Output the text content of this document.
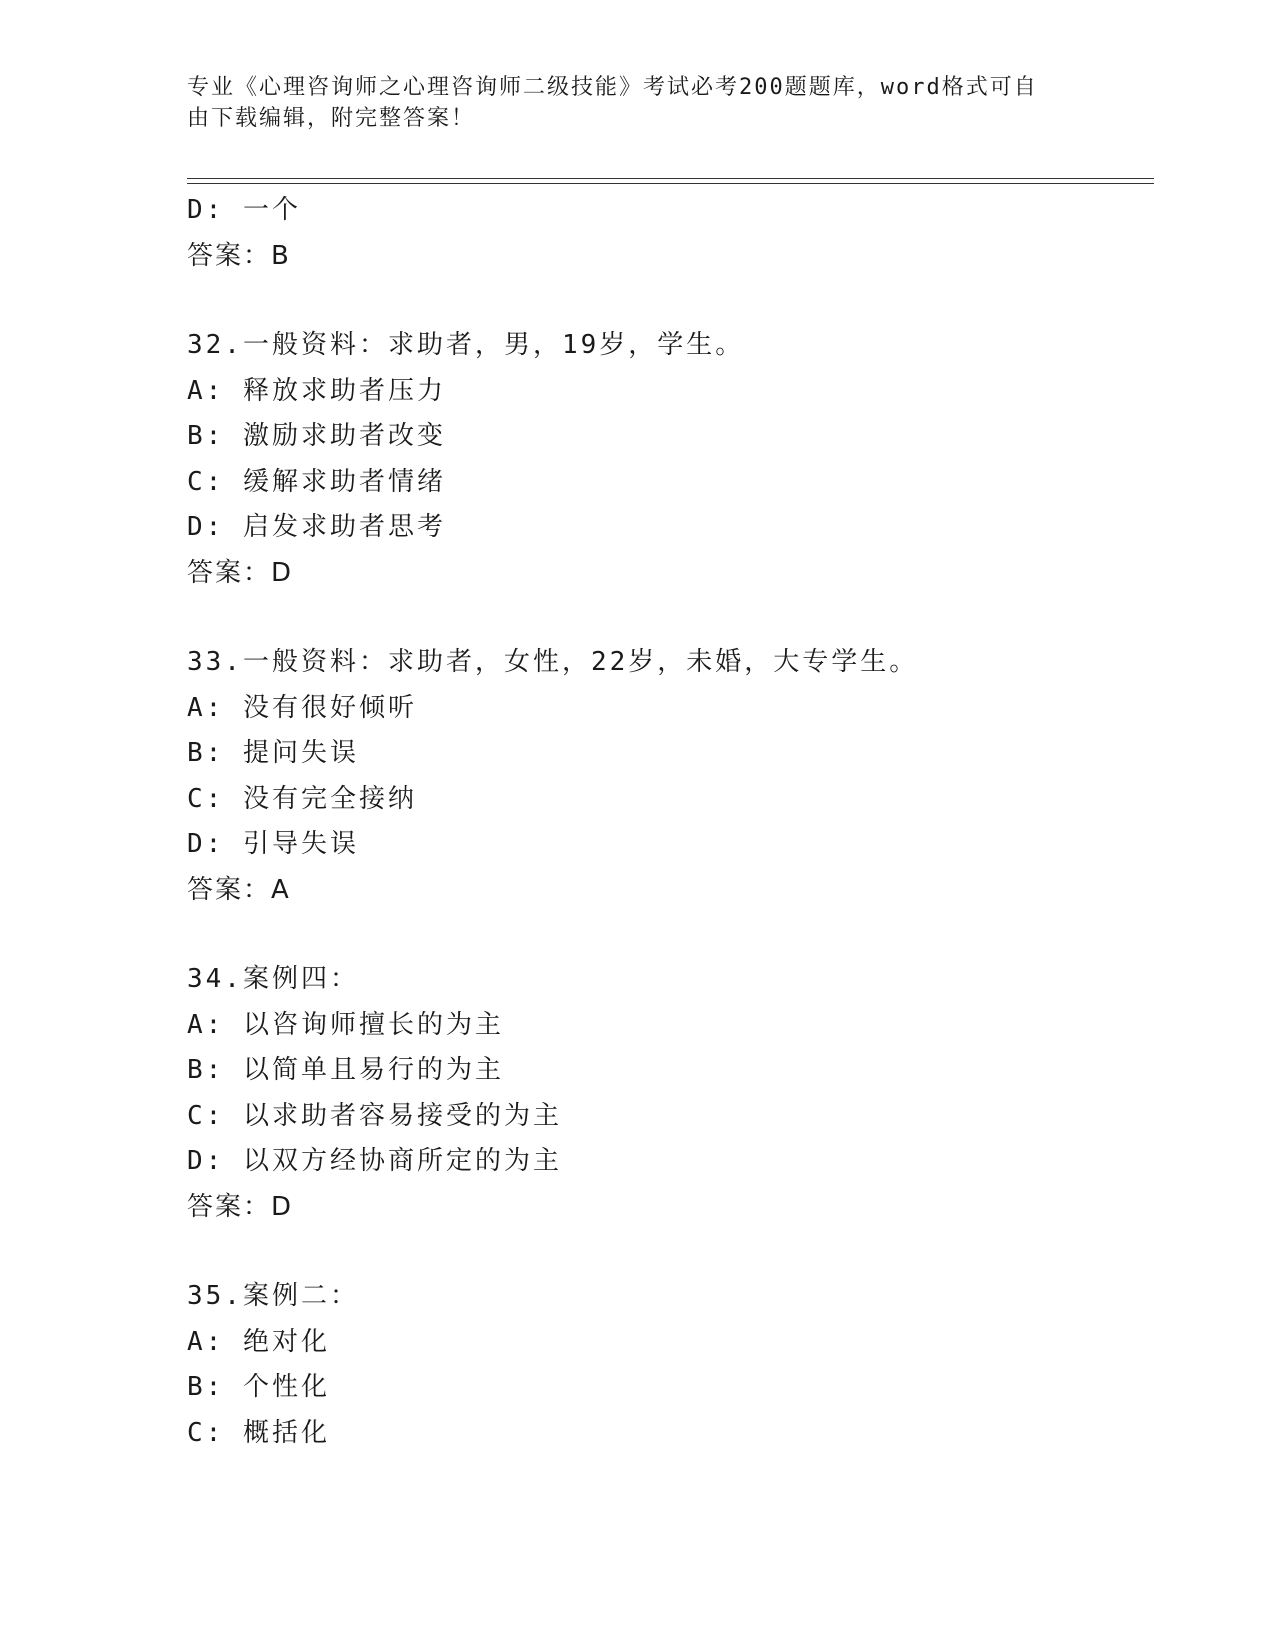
专业《心理咨询师之心理咨询师二级技能》考试必考200题题库，word格式可自
由下载编辑，附完整答案！
D: 一个
答案：B
32.一般资料：求助者，男，19岁，学生。
A: 释放求助者压力
B: 激励求助者改变
C: 缓解求助者情绪
D: 启发求助者思考
答案：D
33.一般资料：求助者，女性，22岁，未婚，大专学生。
A: 没有很好倾听
B: 提问失误
C: 没有完全接纳
D: 引导失误
答案：A
34.案例四：
A: 以咨询师擅长的为主
B: 以简单且易行的为主
C: 以求助者容易接受的为主
D: 以双方经协商所定的为主
答案：D
35.案例二：
A: 绝对化
B: 个性化
C: 概括化
